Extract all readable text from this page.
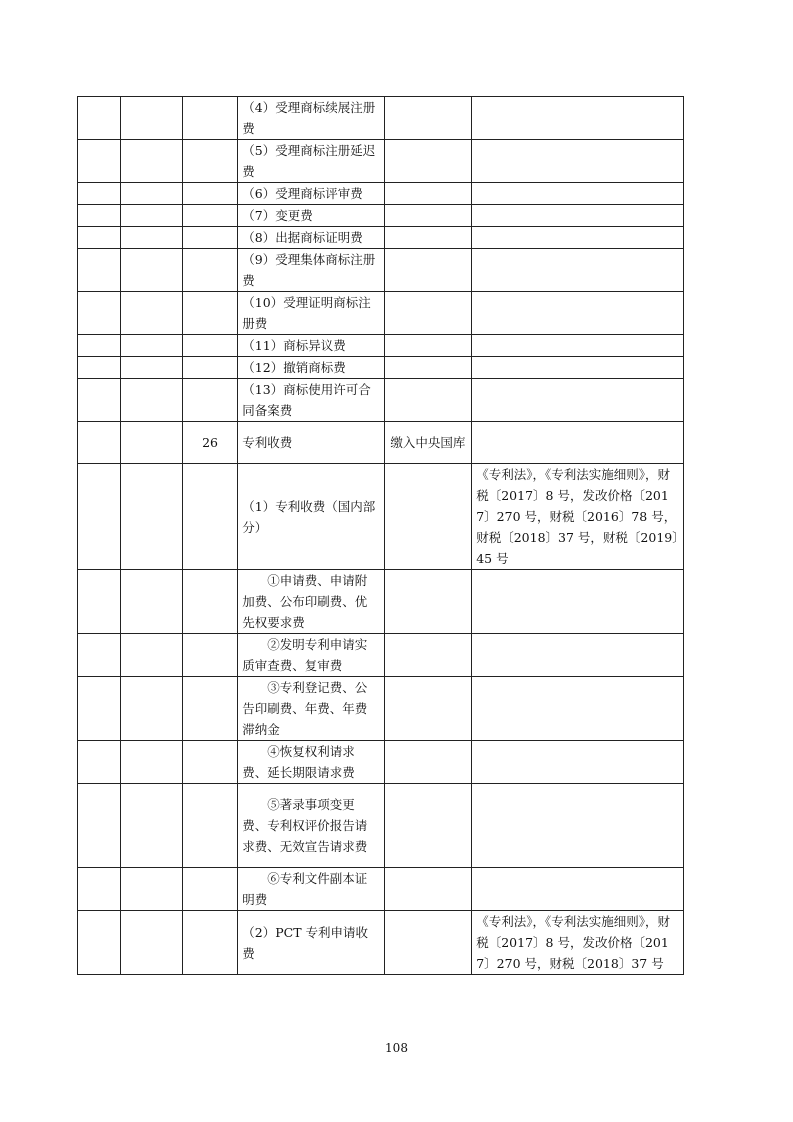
			（4）受理商标续展注册费		
			（5）受理商标注册延迟费		
			（6）受理商标评审费		
			（7）变更费		
			（8）出据商标证明费		
			（9）受理集体商标注册费		
			（10）受理证明商标注册费		
			（11）商标异议费		
			（12）撤销商标费		
			（13）商标使用许可合同备案费		
		26	专利收费	缴入中央国库	
			（1）专利收费（国内部分）		《专利法》，《专利法实施细则》，财税〔2017〕8 号，发改价格〔2017〕270 号，财税〔2016〕78 号，财税〔2018〕37 号，财税〔2019〕45 号
			①申请费、申请附加费、公布印刷费、优先权要求费		
			②发明专利申请实质审查费、复审费		
			③专利登记费、公告印刷费、年费、年费滞纳金		
			④恢复权利请求费、延长期限请求费		
			⑤著录事项变更费、专利权评价报告请求费、无效宣告请求费		
			⑥专利文件副本证明费		
			（2）PCT 专利申请收费		《专利法》，《专利法实施细则》，财税〔2017〕8 号，发改价格〔2017〕270 号，财税〔2018〕37 号
108
